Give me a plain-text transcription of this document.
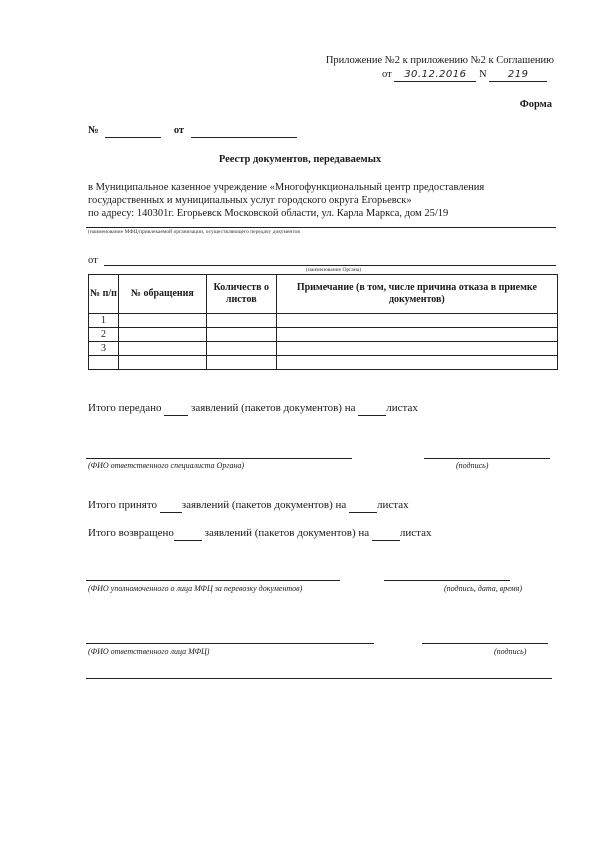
Приложение №2 к приложению №2 к Соглашению
от 30.12.2016 N 219
Форма
№	от
Реестр документов, передаваемых
в Муниципальное казенное учреждение «Многофункциональный центр предоставления
государственных и муниципальных услуг городского округа Егорьевск»
по адресу: 140301г. Егорьевск Московской области, ул. Карла Маркса, дом 25/19
(наименование МФЦ/привлекаемой организации, осуществляющего передачу документов
от
(наименование Органа)
№ п/п	№ обращения	Количеств о листов	Примечание (в том, числе причина отказа в приемке документов)
1			
2			
3			

Итого передано	заявлений (пакетов документов) на	листах
(ФИО ответственного специалиста Органа)	(подпись)
Итого принято заявлений (пакетов документов) на	листах
Итого возвращено	заявлений (пакетов документов) на	листах
(ФИО уполномоченного о лица МФЦ за перевозку документов)	(подпись, дата, время)
(ФИО ответственного лица МФЦ)	(подпись)
